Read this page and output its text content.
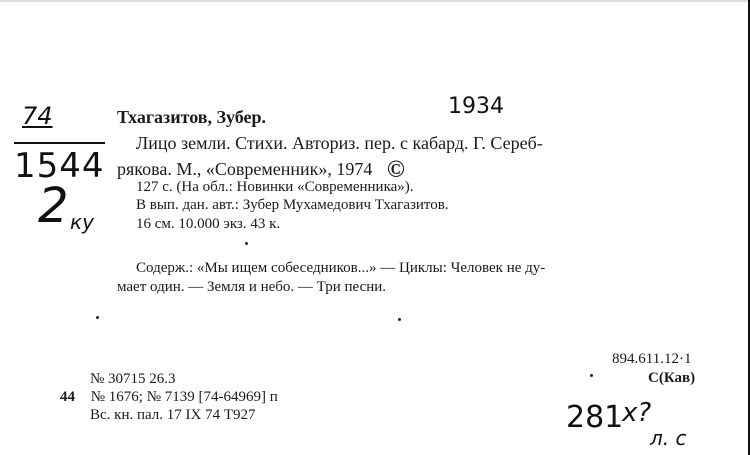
74
1544
2 ку
1934
Тхагазитов, Зубер.
Лицо земли. Стихи. Авториз. пер. с кабард. Г. Сереб-
рякова. М., «Современник», 1974 ©
127 с. (На обл.: Новинки «Современника»).
В вып. дан. авт.: Зубер Мухамедович Тхагазитов.
16 см. 10.000 экз. 43 к.
Содерж.: «Мы ищем собеседников...» — Циклы: Человек не ду-
мает один. — Земля и небо. — Три песни.
894.611.12·1
С(Кав)
№ 30715 26.3
44 № 1676; № 7139 [74-64969] п
Вс. кн. пал. 17 IX 74 Т927	281
x?
л. с
